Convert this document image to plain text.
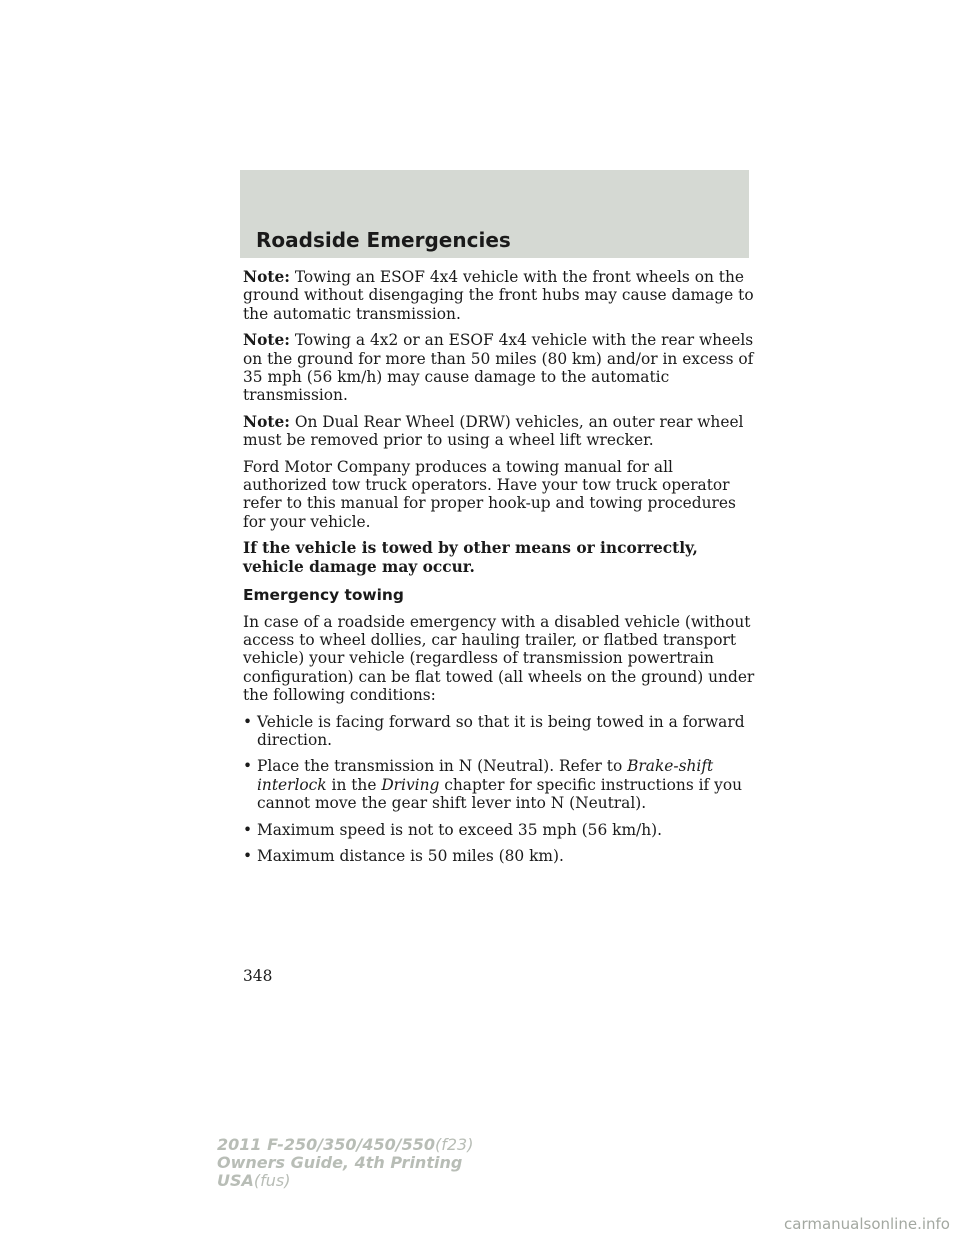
Roadside Emergencies

Note: Towing an ESOF 4x4 vehicle with the front wheels on the ground without disengaging the front hubs may cause damage to the automatic transmission.

Note: Towing a 4x2 or an ESOF 4x4 vehicle with the rear wheels on the ground for more than 50 miles (80 km) and/or in excess of 35 mph (56 km/h) may cause damage to the automatic transmission.

Note: On Dual Rear Wheel (DRW) vehicles, an outer rear wheel must be removed prior to using a wheel lift wrecker.

Ford Motor Company produces a towing manual for all authorized tow truck operators. Have your tow truck operator refer to this manual for proper hook-up and towing procedures for your vehicle.

If the vehicle is towed by other means or incorrectly, vehicle damage may occur.

Emergency towing

In case of a roadside emergency with a disabled vehicle (without access to wheel dollies, car hauling trailer, or flatbed transport vehicle) your vehicle (regardless of transmission powertrain configuration) can be flat towed (all wheels on the ground) under the following conditions:

• Vehicle is facing forward so that it is being towed in a forward direction.
• Place the transmission in N (Neutral). Refer to Brake-shift interlock in the Driving chapter for specific instructions if you cannot move the gear shift lever into N (Neutral).
• Maximum speed is not to exceed 35 mph (56 km/h).
• Maximum distance is 50 miles (80 km).

348

2011 F-250/350/450/550(f23)
Owners Guide, 4th Printing
USA(fus)
carmanualsonline.info
